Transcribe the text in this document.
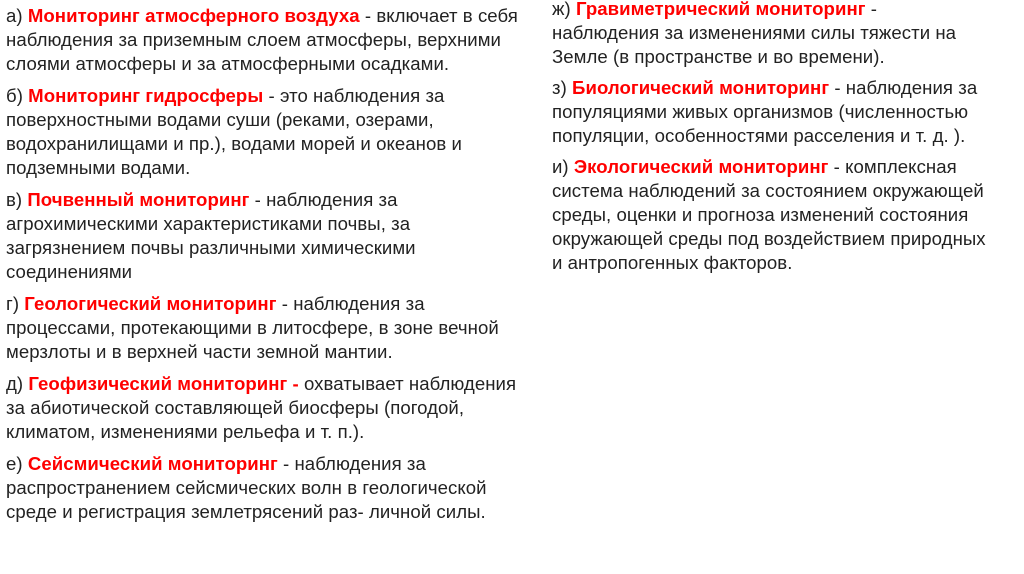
а) Мониторинг атмосферного воздуха - включает в себя наблюдения за приземным слоем атмосферы, верхними слоями атмосферы и за атмосферными осадками.

б) Мониторинг гидросферы - это наблюдения за поверхностными водами суши (реками, озерами, водохранилищами и пр.), водами морей и океанов и подземными водами.

в) Почвенный мониторинг - наблюдения за агрохимическими характеристиками почвы, за загрязнением почвы различными химическими соединениями

г) Геологический мониторинг - наблюдения за процессами, протекающими в литосфере, в зоне вечной мерзлоты и в верхней части земной мантии.

д) Геофизический мониторинг - охватывает наблюдения за абиотической составляющей биосферы (погодой, климатом, изменениями рельефа и т. п.).

е) Сейсмический мониторинг - наблюдения за распространением сейсмических волн в геологической среде и регистрация землетрясений раз- личной силы.

ж) Гравиметрический мониторинг - наблюдения за изменениями силы тяжести на Земле (в пространстве и во времени).

з) Биологический мониторинг - наблюдения за популяциями живых организмов (численностью популяции, особенностями расселения и т. д. ).

и) Экологический мониторинг - комплексная система наблюдений за состоянием окружающей среды, оценки и прогноза изменений состояния окружающей среды под воздействием природных и антропогенных факторов.
